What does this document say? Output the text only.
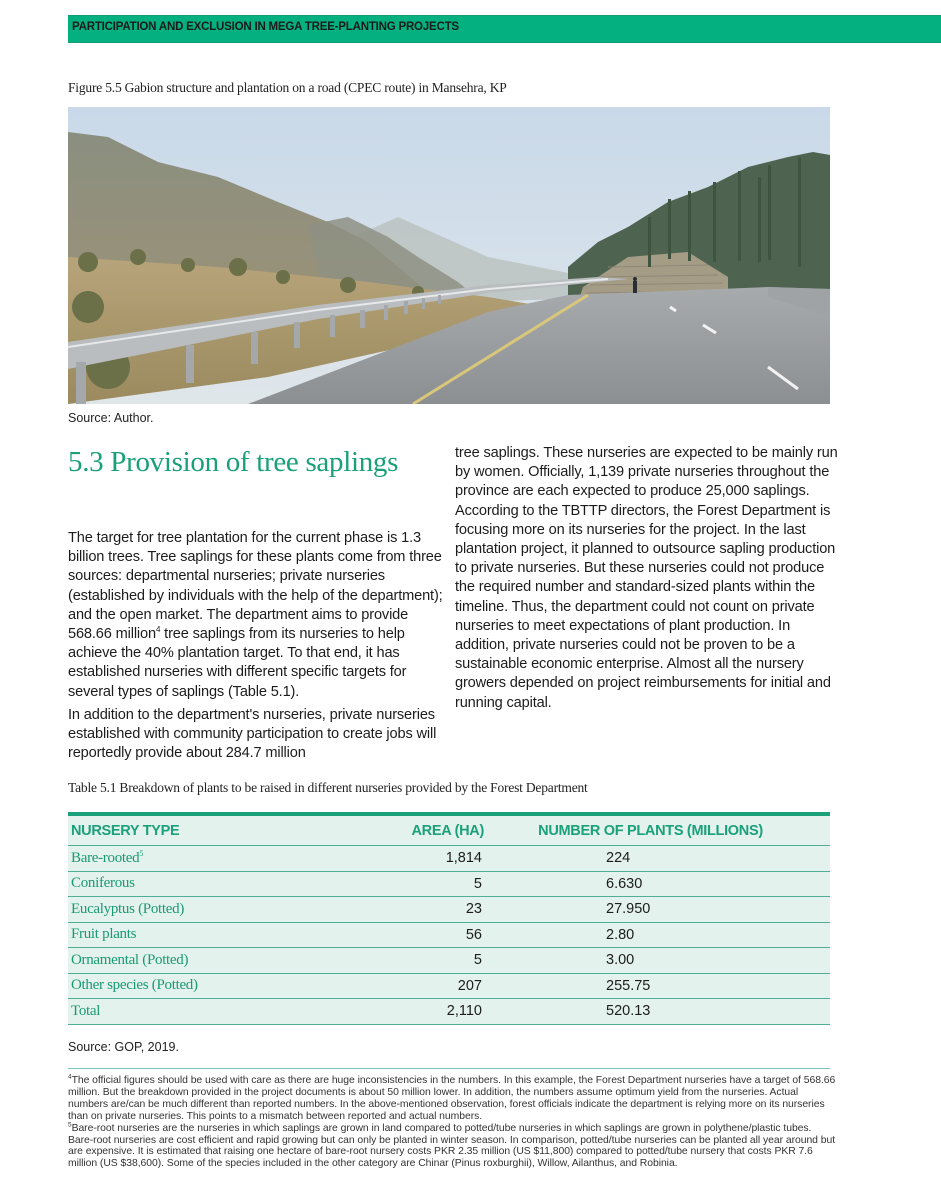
PARTICIPATION AND EXCLUSION IN MEGA TREE-PLANTING PROJECTS
Figure 5.5 Gabion structure and plantation on a road (CPEC route) in Mansehra, KP
Source: Author.
5.3 Provision of tree saplings

The target for tree plantation for the current phase is 1.3 billion trees. Tree saplings for these plants come from three sources: departmental nurseries; private nurseries (established by individuals with the help of the department); and the open market. The department aims to provide 568.66 million$^4$ tree saplings from its nurseries to help achieve the 40% plantation target. To that end, it has established nurseries with different specific targets for several types of saplings (Table 5.1).

In addition to the department's nurseries, private nurseries established with community participation to create jobs will reportedly provide about 284.7 million

tree saplings. These nurseries are expected to be mainly run by women. Officially, 1,139 private nurseries throughout the province are each expected to produce 25,000 saplings. According to the TBTTP directors, the Forest Department is focusing more on its nurseries for the project. In the last plantation project, it planned to outsource sapling production to private nurseries. But these nurseries could not produce the required number and standard-sized plants within the timeline. Thus, the department could not count on private nurseries to meet expectations of plant production. In addition, private nurseries could not be proven to be a sustainable economic enterprise. Almost all the nursery growers depended on project reimbursements for initial and running capital.

Table 5.1 Breakdown of plants to be raised in different nurseries provided by the Forest Department
NURSERY TYPE	AREA (HA)	NUMBER OF PLANTS (MILLIONS)
Bare-rooted$^5$	1,814	224
Coniferous	5	6.630
Eucalyptus (Potted)	23	27.950
Fruit plants	56	2.80
Ornamental (Potted)	5	3.00
Other species (Potted)	207	255.75
Total	2,110	520.13
Source: GOP, 2019.

$^4$The official figures should be used with care as there are huge inconsistencies in the numbers. In this example, the Forest Department nurseries have a target of 568.66 million. But the breakdown provided in the project documents is about 50 million lower. In addition, the numbers assume optimum yield from the nurseries. Actual numbers are/can be much different than reported numbers. In the above-mentioned observation, forest officials indicate the department is relying more on its nurseries than on private nurseries. This points to a mismatch between reported and actual numbers.

$^5$Bare-root nurseries are the nurseries in which saplings are grown in land compared to potted/tube nurseries in which saplings are grown in polythene/plastic tubes. Bare-root nurseries are cost efficient and rapid growing but can only be planted in winter season. In comparison, potted/tube nurseries can be planted all year around but are expensive. It is estimated that raising one hectare of bare-root nursery costs PKR 2.35 million (US $11,800) compared to potted/tube nursery that costs PKR 7.6 million (US $38,600). Some of the species included in the other category are Chinar (Pinus roxburghii), Willow, Ailanthus, and Robinia.
